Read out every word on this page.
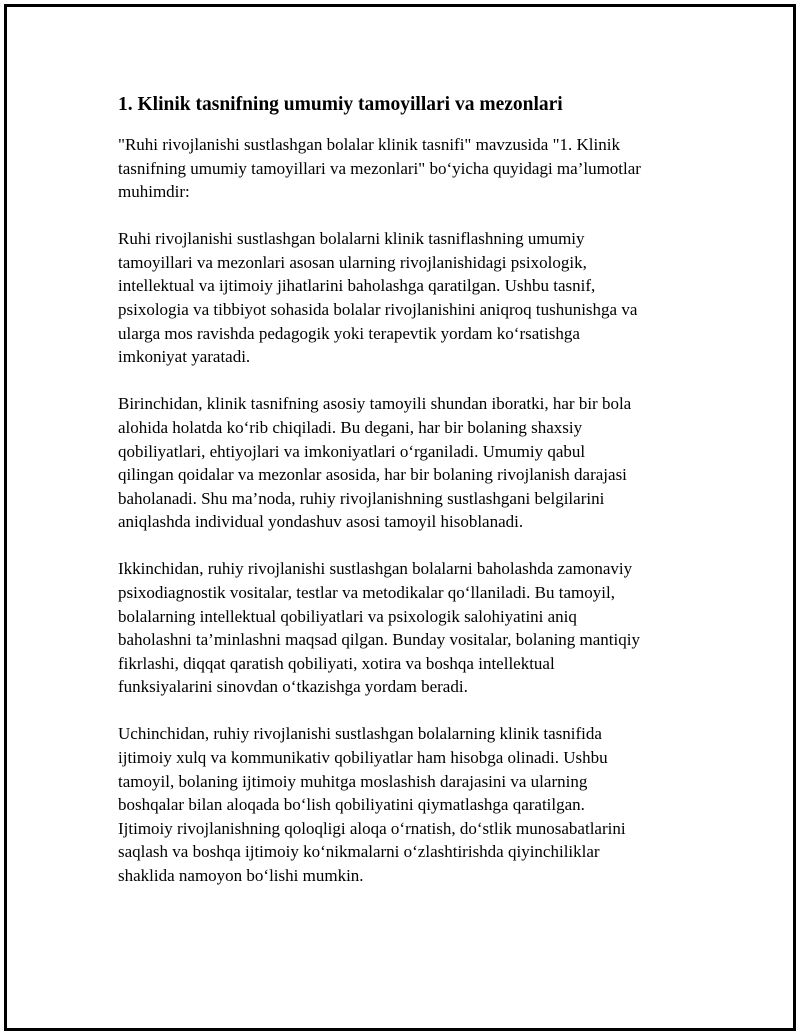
1. Klinik tasnifning umumiy tamoyillari va mezonlari

"Ruhi rivojlanishi sustlashgan bolalar klinik tasnifi" mavzusida "1. Klinik
tasnifning umumiy tamoyillari va mezonlari" bo‘yicha quyidagi ma’lumotlar
muhimdir:

Ruhi rivojlanishi sustlashgan bolalarni klinik tasniflashning umumiy
tamoyillari va mezonlari asosan ularning rivojlanishidagi psixologik,
intellektual va ijtimoiy jihatlarini baholashga qaratilgan. Ushbu tasnif,
psixologia va tibbiyot sohasida bolalar rivojlanishini aniqroq tushunishga va
ularga mos ravishda pedagogik yoki terapevtik yordam ko‘rsatishga
imkoniyat yaratadi.

Birinchidan, klinik tasnifning asosiy tamoyili shundan iboratki, har bir bola
alohida holatda ko‘rib chiqiladi. Bu degani, har bir bolaning shaxsiy
qobiliyatlari, ehtiyojlari va imkoniyatlari o‘rganiladi. Umumiy qabul
qilingan qoidalar va mezonlar asosida, har bir bolaning rivojlanish darajasi
baholanadi. Shu ma’noda, ruhiy rivojlanishning sustlashgani belgilarini
aniqlashda individual yondashuv asosi tamoyil hisoblanadi.

Ikkinchidan, ruhiy rivojlanishi sustlashgan bolalarni baholashda zamonaviy
psixodiagnostik vositalar, testlar va metodikalar qo‘llaniladi. Bu tamoyil,
bolalarning intellektual qobiliyatlari va psixologik salohiyatini aniq
baholashni ta’minlashni maqsad qilgan. Bunday vositalar, bolaning mantiqiy
fikrlashi, diqqat qaratish qobiliyati, xotira va boshqa intellektual
funksiyalarini sinovdan o‘tkazishga yordam beradi.

Uchinchidan, ruhiy rivojlanishi sustlashgan bolalarning klinik tasnifida
ijtimoiy xulq va kommunikativ qobiliyatlar ham hisobga olinadi. Ushbu
tamoyil, bolaning ijtimoiy muhitga moslashish darajasini va ularning
boshqalar bilan aloqada bo‘lish qobiliyatini qiymatlashga qaratilgan.
Ijtimoiy rivojlanishning qoloqligi aloqa o‘rnatish, do‘stlik munosabatlarini
saqlash va boshqa ijtimoiy ko‘nikmalarni o‘zlashtirishda qiyinchiliklar
shaklida namoyon bo‘lishi mumkin.
